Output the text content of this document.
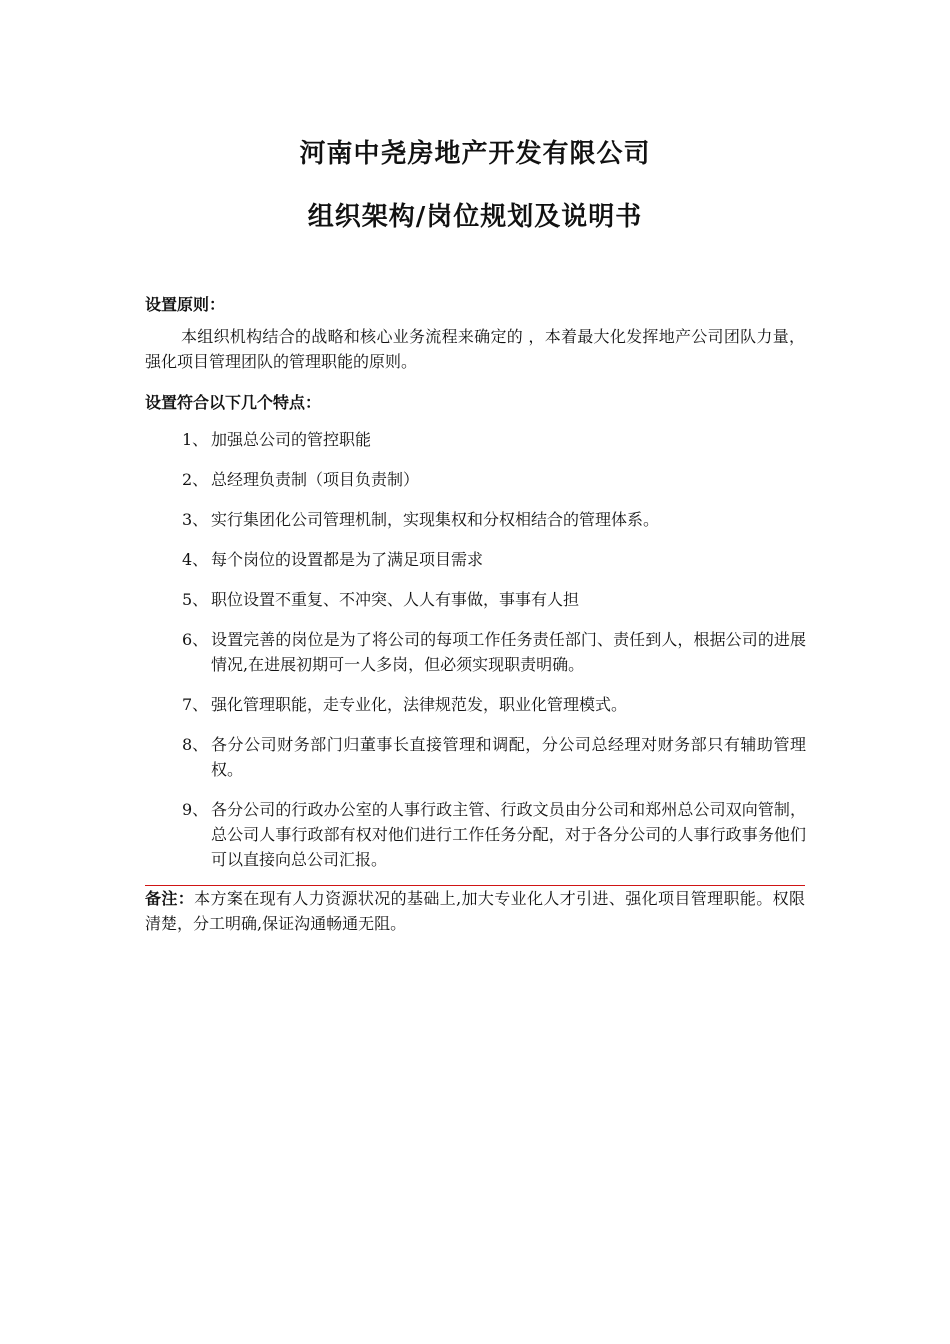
河南中尧房地产开发有限公司
组织架构/岗位规划及说明书
设置原则：
本组织机构结合的战略和核心业务流程来确定的 ，本着最大化发挥地产公司团队力量，强化项目管理团队的管理职能的原则。
设置符合以下几个特点：
1、 加强总公司的管控职能
2、 总经理负责制（项目负责制）
3、 实行集团化公司管理机制，实现集权和分权相结合的管理体系。
4、 每个岗位的设置都是为了满足项目需求
5、 职位设置不重复、不冲突、人人有事做，事事有人担
6、 设置完善的岗位是为了将公司的每项工作任务责任部门、责任到人，根据公司的进展情况,在进展初期可一人多岗，但必须实现职责明确。
7、 强化管理职能，走专业化，法律规范发，职业化管理模式。
8、 各分公司财务部门归董事长直接管理和调配，分公司总经理对财务部只有辅助管理权。
9、 各分公司的行政办公室的人事行政主管、行政文员由分公司和郑州总公司双向管制，总公司人事行政部有权对他们进行工作任务分配，对于各分公司的人事行政事务他们可以直接向总公司汇报。
备注：本方案在现有人力资源状况的基础上,加大专业化人才引进、强化项目管理职能。权限清楚，分工明确,保证沟通畅通无阻。
